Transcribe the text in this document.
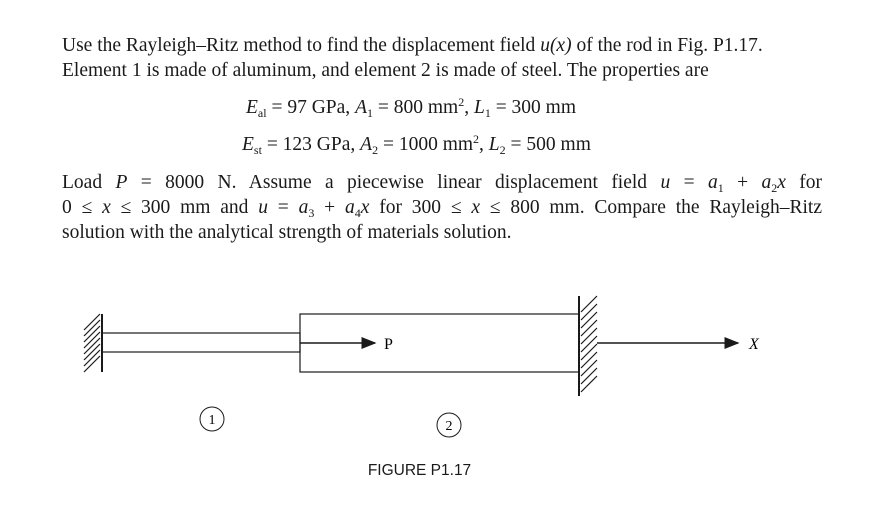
Use the Rayleigh–Ritz method to find the displacement field u(x) of the rod in Fig. P1.17.
Element 1 is made of aluminum, and element 2 is made of steel. The properties are
$E_{al} = 97$ GPa, $A_1 = 800$ $mm^2$, $L_1 = 300$ mm
$E_{st} = 123$ GPa, $A_2 = 1000$ $mm^2$, $L_2 = 500$ mm
Load P = 8000 N. Assume a piecewise linear displacement field $u = a_1 + a_2x$ for
0 ≤ x ≤ 300 mm and $u = a_3 + a_4x$ for 300 ≤ x ≤ 800 mm. Compare the Rayleigh–Ritz
solution with the analytical strength of materials solution.
P	X
1	2
FIGURE P1.17
